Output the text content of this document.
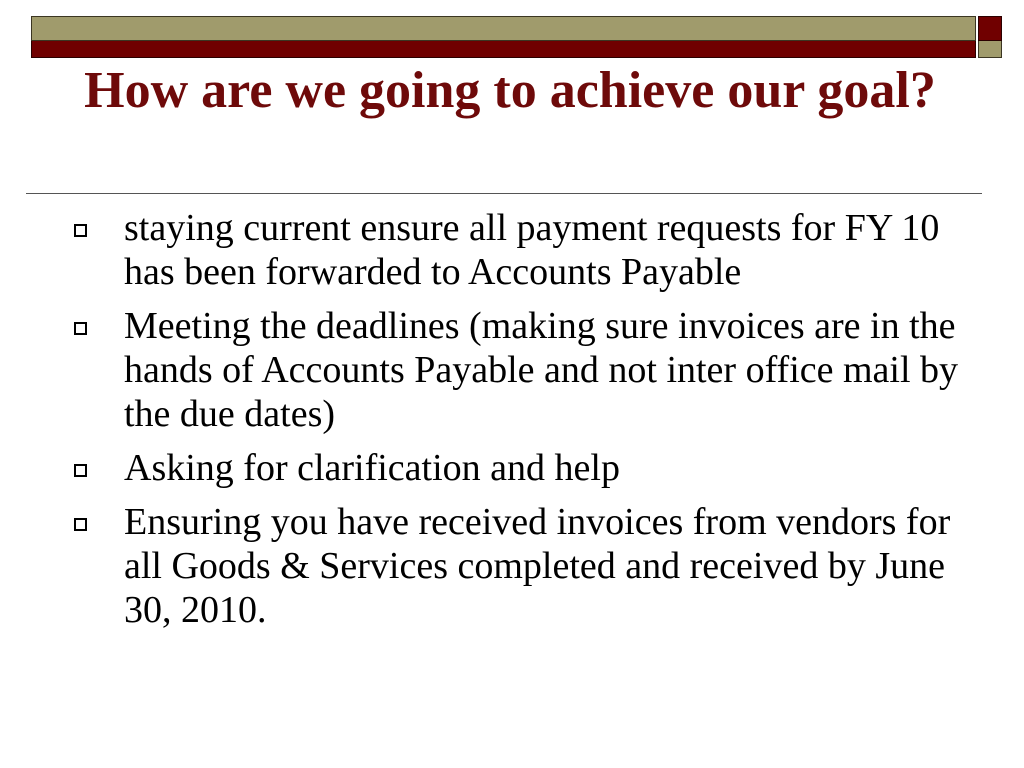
How are we going to achieve our goal?
staying current ensure all payment requests for FY 10 has been forwarded to Accounts Payable
Meeting the deadlines (making sure invoices are in the hands of Accounts Payable and not inter office mail by the due dates)
Asking for clarification and help
Ensuring you have received invoices from vendors for all Goods & Services completed and received by June 30, 2010.
